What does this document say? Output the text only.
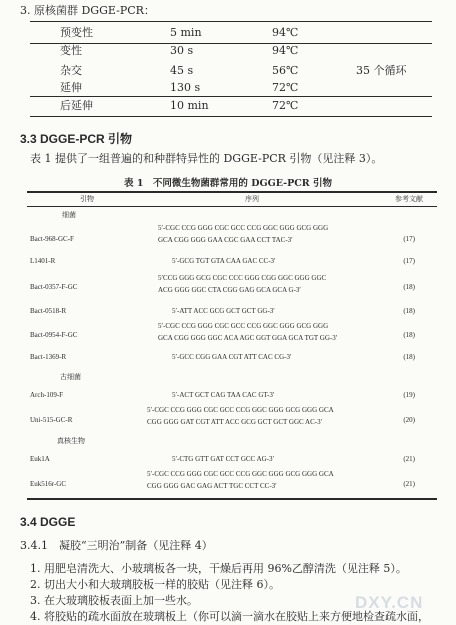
3. 原核菌群 DGGE-PCR：
预变性	5 min	94℃
变性	30 s	94℃
杂交	45 s	56℃	35 个循环
延伸	130 s	72℃
后延伸	10 min	72℃
3.3 DGGE-PCR 引物
表 1 提供了一组普遍的和种群特异性的 DGGE-PCR 引物（见注释 3）。
表 1　不同微生物菌群常用的 DGGE-PCR 引物
引物	序列	参考文献
细菌
Bact-968-GC-F
5′-CGC CCG GGG CGC GCC CCG GGC GGG GCG GGG
GCA CGG GGG GAA CGC GAA CCT TAC-3′	(17)
L1401-R	5′-GCG TGT GTA CAA GAC CC-3′	(17)
Bact-0357-F-GC
5′CCG GGG GCG CGC CCC GGG CGG GGC GGG GGC
ACG GGG GGC CTA CGG GAG GCA GCA G-3′	(18)
Bact-0518-R	5′-ATT ACC GCG GCT GCT GG-3′	(18)
Bact-0954-F-GC
5′-CGC CCG GGG CGC GCC CCG GGC GGG GCG GGG
GCA CGG GGG GGC ACA AGC GGT GGA GCA TGT GG-3′	(18)
Bact-1369-R	5′-GCC CGG GAA CGT ATT CAC CG-3′	(18)
古细菌
Arch-109-F	5′-ACT GCT CAG TAA CAC GT-3′	(19)
Uni-515-GC-R
5′-CGC CCG GGG CGC GCC CCG GGC GGG GCG GGG GCA
CGG GGG GAT CGT ATT ACC GCG GCT GCT GGC AC-3′	(20)
真核生物
Euk1A	5′-CTG GTT GAT CCT GCC AG-3′	(21)
Euk516r-GC
5′-CGC CCG GGG CGC GCC CCG GGC GGG GCG GGG GCA
CGG GGG GAC GAG ACT TGC CCT CC-3′	(21)
3.4 DGGE
3.4.1　凝胶“三明治”制备（见注释 4）
1. 用肥皂清洗大、小玻璃板各一块，干燥后再用 96%乙醇清洗（见注释 5）。
2. 切出大小和大玻璃胶板一样的胶贴（见注释 6）。
3. 在大玻璃胶板表面上加一些水。
4. 将胶贴的疏水面放在玻璃板上（你可以滴一滴水在胶贴上来方便地检查疏水面，
DXY.CN
